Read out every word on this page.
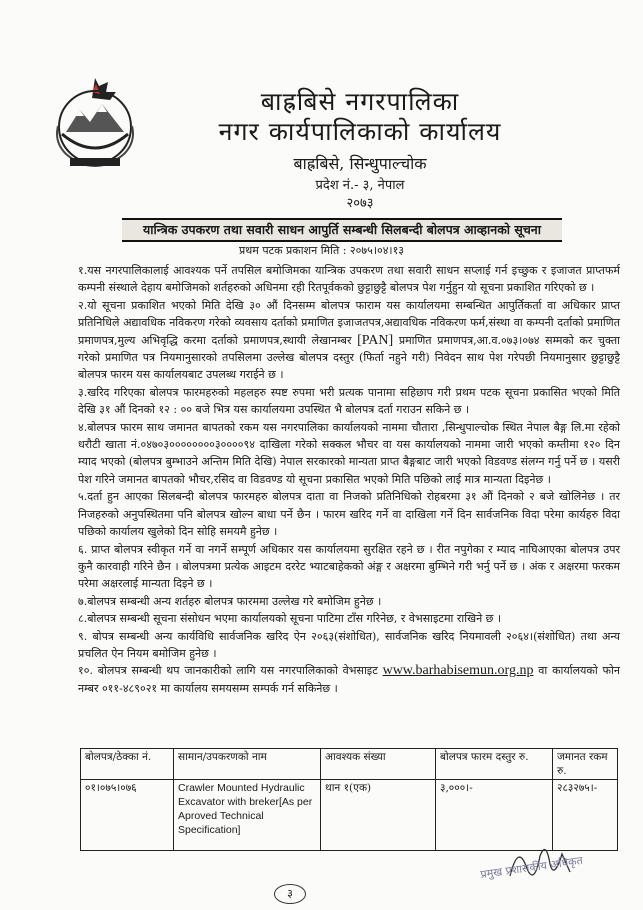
बाह्रबिसे नगरपालिका
नगर कार्यपालिकाको कार्यालय
बाह्रबिसे, सिन्धुपाल्चोक
प्रदेश नं.- ३, नेपाल
२०७३
यान्त्रिक उपकरण तथा सवारी साधन आपुर्ति सम्बन्धी सिलबन्दी बोलपत्र आव्हानको सूचना
प्रथम पटक प्रकाशन मिति : २०७५।०४।१३

१.यस नगरपालिकालाई आवश्यक पर्ने तपसिल बमोजिमका यान्त्रिक उपकरण तथा सवारी साधन सप्लाई गर्न इच्छुक र इजाजत प्राप्तफर्म कम्पनी संस्थाले देहाय बमोजिमको शर्तहरुको अधिनमा रही रितपूर्वकको छुट्टाछुट्टै बोलपत्र पेश गर्नुहुन यो सूचना प्रकाशित गरिएको छ ।

२.यो सूचना प्रकाशित भएको मिति देखि ३० औं दिनसम्म बोलपत्र फाराम यस कार्यालयमा सम्बन्धित आपुर्तिकर्ता वा अधिकार प्राप्त प्रतिनिधिले अद्यावधिक नविकरण गरेको व्यवसाय दर्ताको प्रमाणित इजाजतपत्र,अद्यावधिक नविकरण फर्म,संस्था वा कम्पनी दर्ताको प्रमाणित प्रमाणपत्र,मुल्य अभिवृद्धि करमा दर्ताको प्रमाणपत्र,स्थायी लेखानम्बर [PAN] प्रमाणित प्रमाणपत्र,आ.व.०७३।०७४ सम्मको कर चुक्ता गरेको प्रमाणित पत्र नियमानुसारको तपसिलमा उल्लेख बोलपत्र दस्तुर (फिर्ता नहुने गरी) निवेदन साथ पेश गरेपछी नियमानुसार छुट्टाछुट्टै बोलपत्र फारम यस कार्यालयबाट उपलब्ध गराईने छ ।

३.खरिद गरिएका बोलपत्र फारमहरुको महलहरु स्पष्ट रुपमा भरी प्रत्यक पानामा सहिछाप गरी प्रथम पटक सूचना प्रकासित भएको मिति देखि ३१ औं दिनको १२ : ०० बजे भित्र यस कार्यालयमा उपस्थित भै बोलपत्र दर्ता गराउन सकिने छ ।

४.बोलपत्र फारम साथ जमानत बापतको रकम यस नगरपालिका कार्यालयको नाममा चौतारा ,सिन्धुपाल्चोक स्थित नेपाल बैङ्ग लि.मा रहेको धरौटी खाता नं.०४७०३००००००००३००००९४ दाखिला गरेको सक्कल भौचर वा यस कार्यालयको नाममा जारी भएको कम्तीमा १२० दिन म्याद भएको (बोलपत्र बुम्भाउने अन्तिम मिति देखि) नेपाल सरकारको मान्यता प्राप्त बैङ्गबाट जारी भएको विडवण्ड संलग्न गर्नु पर्ने छ । यसरी पेश गरिने जमानत बापतको भौचर,रसिद वा विडवण्ड यो सूचना प्रकासित भएको मिति पछिको लाई मात्र मान्यता दिइनेछ ।

५.दर्ता हुन आएका सिलबन्दी बोलपत्र फारमहरु बोलपत्र दाता वा निजको प्रतिनिधिको रोहबरमा ३१ औं दिनको २ बजे खोलिनेछ । तर निजहरुको अनुपस्थितमा पनि बोलपत्र खोल्न बाधा पर्ने छैन । फारम खरिद गर्ने वा दाखिला गर्ने दिन सार्वजनिक विदा परेमा कार्यहरु विदा पछिको कार्यालय खुलेको दिन सोहि समयमै हुनेछ ।

६. प्राप्त बोलपत्र स्वीकृत गर्ने वा नगर्ने सम्पूर्ण अधिकार यस कार्यालयमा सुरक्षित रहने छ । रीत नपुगेका र म्याद नाघिआएका बोलपत्र उपर कुनै कारवाही गरिने छैन । बोलपत्रमा प्रत्येक आइटम दररेट भ्याटबाहेकको अंङ्ग र अक्षरमा बुम्भिने गरी भर्नु पर्ने छ । अंक र अक्षरमा फरकम परेमा अक्षरलाई मान्यता दिइने छ ।

७.बोलपत्र सम्बन्धी अन्य शर्तहरु बोलपत्र फारममा उल्लेख गरे बमोजिम हुनेछ ।

८.बोलपत्र सम्बन्धी सूचना संसोधन भएमा कार्यालयको सूचना पाटिमा टाँस गरिनेछ, र वेभसाइटमा राखिने छ ।

९. बोपत्र सम्बन्धी अन्य कार्यविधि सार्वजनिक खरिद ऐन २०६३(संशोधित), सार्वजनिक खरिद नियमावली २०६४।(संशोधित) तथा अन्य प्रचलित ऐन नियम बमोजिम हुनेछ ।

१०. बोलपत्र सम्बन्धी थप जानकारीको लागि यस नगरपालिकाको वेभसाइट www.barhabisemun.org.np वा कार्यालयको फोन नम्बर ०११-४८९०२१ मा कार्यालय समयसम्म सम्पर्क गर्न सकिनेछ ।

बोलपत्र/ठेक्का नं.	सामान/उपकरणको नाम	आवश्यक संख्या	बोलपत्र फारम दस्तुर रु.	जमानत रकम रु.
०१।०७५।०७६	Crawler Mounted Hydraulic Excavator with breker[As per Aproved Technical Specification]	थान १(एक)	३,०००।-	२८३२७५।-
प्रमुख प्रशासकीय अधिकृत
३
